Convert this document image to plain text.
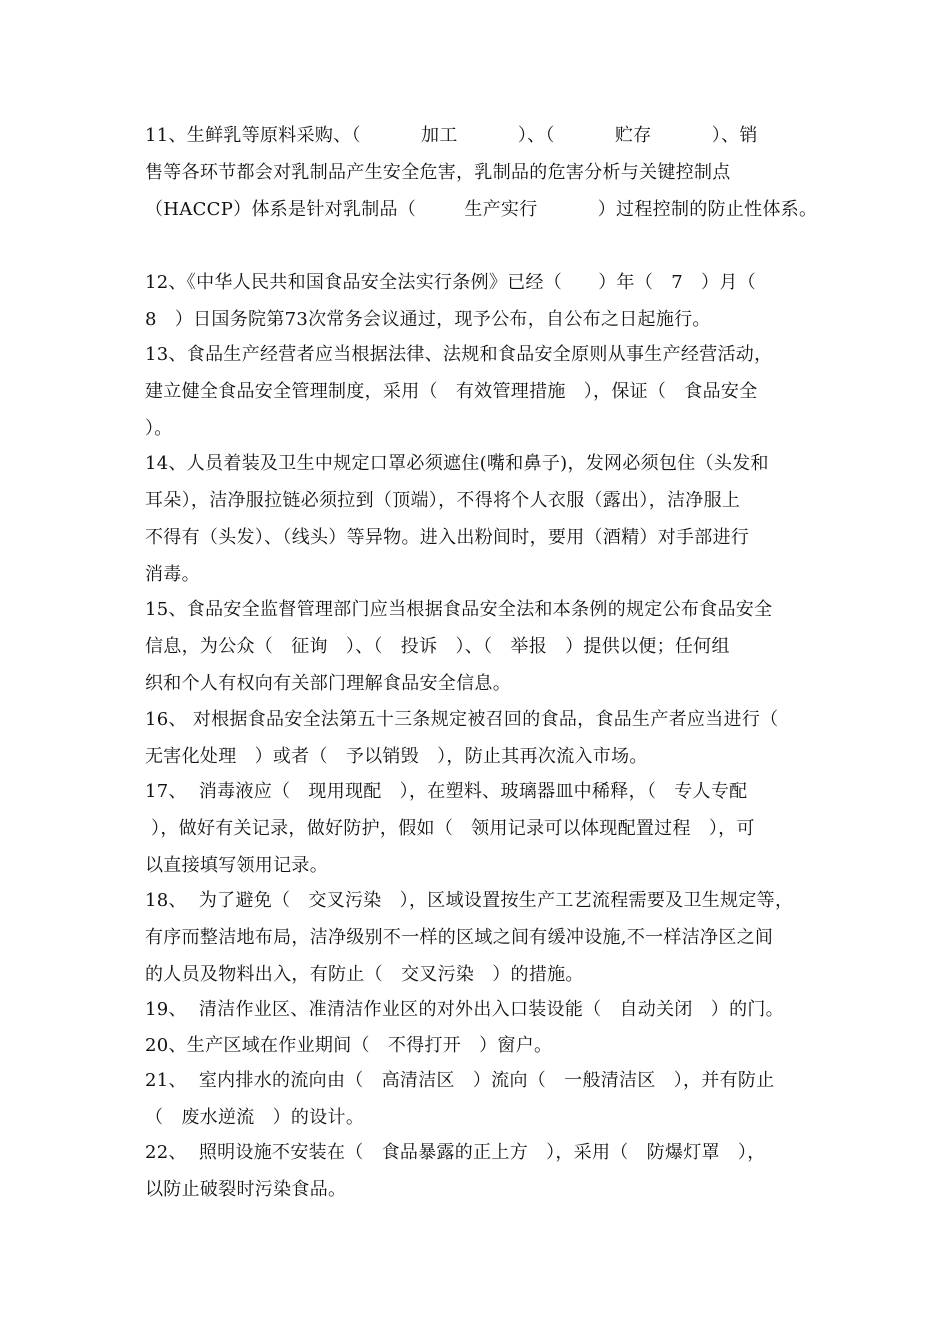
11、生鲜乳等原料采购、（          加工          ）、（          贮存          ）、销
售等各环节都会对乳制品产生安全危害，乳制品的危害分析与关键控制点
（HACCP）体系是针对乳制品（        生产实行          ）过程控制的防止性体系。
12、《中华人民共和国食品安全法实行条例》已经（      ）年（   7   ）月（
8   ）日国务院第73次常务会议通过，现予公布，自公布之日起施行。
13、食品生产经营者应当根据法律、法规和食品安全原则从事生产经营活动，
建立健全食品安全管理制度，采用（   有效管理措施   ），保证（   食品安全
）。
14、人员着装及卫生中规定口罩必须遮住(嘴和鼻子)，发网必须包住（头发和
耳朵），洁净服拉链必须拉到（顶端），不得将个人衣服（露出），洁净服上
不得有（头发）、（线头）等异物。进入出粉间时，要用（酒精）对手部进行
消毒。
15、食品安全监督管理部门应当根据食品安全法和本条例的规定公布食品安全
信息，为公众（   征询   ）、（   投诉   ）、（   举报   ）提供以便；任何组
织和个人有权向有关部门理解食品安全信息。
16、 对根据食品安全法第五十三条规定被召回的食品，食品生产者应当进行（
无害化处理   ）或者（   予以销毁   ），防止其再次流入市场。
17、  消毒液应（   现用现配   ），在塑料、玻璃器皿中稀释，（   专人专配
），做好有关记录，做好防护，假如（   领用记录可以体现配置过程   ），可
以直接填写领用记录。
18、  为了避免（   交叉污染   ），区域设置按生产工艺流程需要及卫生规定等，
有序而整洁地布局，洁净级别不一样的区域之间有缓冲设施,不一样洁净区之间
的人员及物料出入，有防止（   交叉污染   ）的措施。
19、  清洁作业区、准清洁作业区的对外出入口装设能（   自动关闭   ）的门。
20、生产区域在作业期间（   不得打开   ）窗户。
21、  室内排水的流向由（   高清洁区   ）流向（   一般清洁区   ），并有防止
（   废水逆流   ）的设计。
22、  照明设施不安装在（   食品暴露的正上方   ），采用（   防爆灯罩   ），
以防止破裂时污染食品。
